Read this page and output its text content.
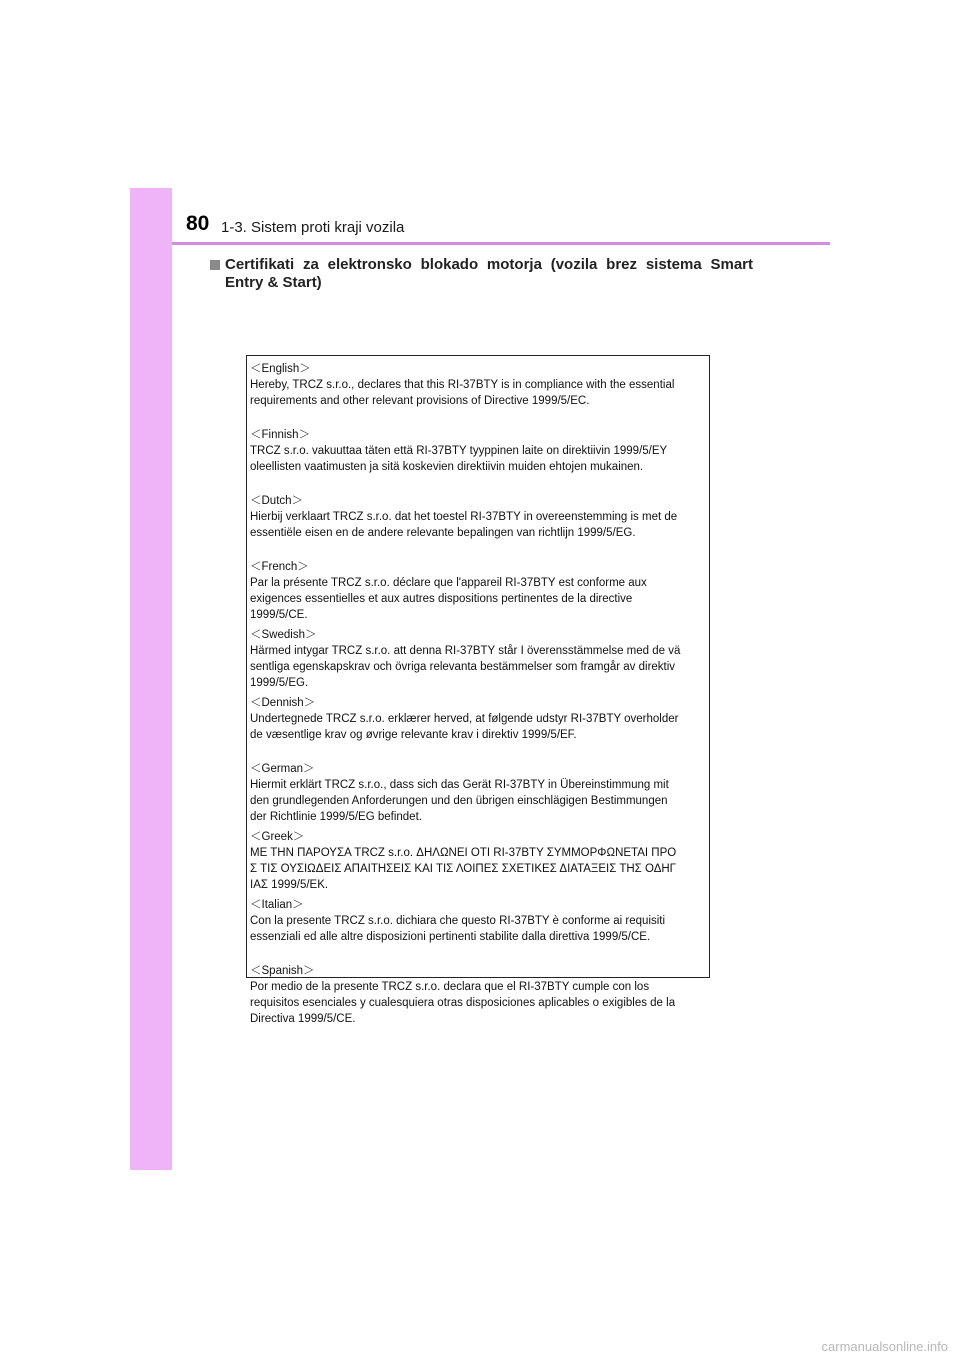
80 1-3. Sistem proti kraji vozila
Certifikati za elektronsko blokado motorja (vozila brez sistema Smart Entry & Start)
＜English＞
Hereby, TRCZ s.r.o., declares that this RI-37BTY is in compliance with the essential
requirements and other relevant provisions of Directive 1999/5/EC.
＜Finnish＞
TRCZ s.r.o. vakuuttaa täten että RI-37BTY tyyppinen laite on direktiivin 1999/5/EY
oleellisten vaatimusten ja sitä koskevien direktiivin muiden ehtojen mukainen.
＜Dutch＞
Hierbij verklaart TRCZ s.r.o. dat het toestel RI-37BTY in overeenstemming is met de
essentiële eisen en de andere relevante bepalingen van richtlijn 1999/5/EG.
＜French＞
Par la présente TRCZ s.r.o. déclare que l'appareil RI-37BTY est conforme aux
exigences essentielles et aux autres dispositions pertinentes de la directive
1999/5/CE.
＜Swedish＞
Härmed intygar TRCZ s.r.o. att denna RI-37BTY står I överensstämmelse med de vä
sentliga egenskapskrav och övriga relevanta bestämmelser som framgår av direktiv
1999/5/EG.
＜Dennish＞
Undertegnede TRCZ s.r.o. erklærer herved, at følgende udstyr RI-37BTY overholder
de væsentlige krav og øvrige relevante krav i direktiv 1999/5/EF.
＜German＞
Hiermit erklärt TRCZ s.r.o., dass sich das Gerät RI-37BTY in Übereinstimmung mit
den grundlegenden Anforderungen und den übrigen einschlägigen Bestimmungen
der Richtlinie 1999/5/EG befindet.
＜Greek＞
ΜΕ ΤΗΝ ΠΑΡΟΥΣΑ TRCZ s.r.o. ΔΗΛΩΝΕΙ ΟΤΙ RI-37BTY ΣΥΜΜΟΡΦΩΝΕΤΑΙ ΠΡΟ
Σ ΤΙΣ ΟΥΣΙΩΔΕΙΣ ΑΠΑΙΤΗΣΕΙΣ ΚΑΙ ΤΙΣ ΛΟΙΠΕΣ ΣΧΕΤΙΚΕΣ ΔΙΑΤΑΞΕΙΣ ΤΗΣ ΟΔΗΓ
ΙΑΣ 1999/5/ΕΚ.
＜Italian＞
Con la presente TRCZ s.r.o. dichiara che questo RI-37BTY è conforme ai requisiti
essenziali ed alle altre disposizioni pertinenti stabilite dalla direttiva 1999/5/CE.
＜Spanish＞
Por medio de la presente TRCZ s.r.o. declara que el RI-37BTY cumple con los
requisitos esenciales y cualesquiera otras disposiciones aplicables o exigibles de la
Directiva 1999/5/CE.
carmanualsonline.info
